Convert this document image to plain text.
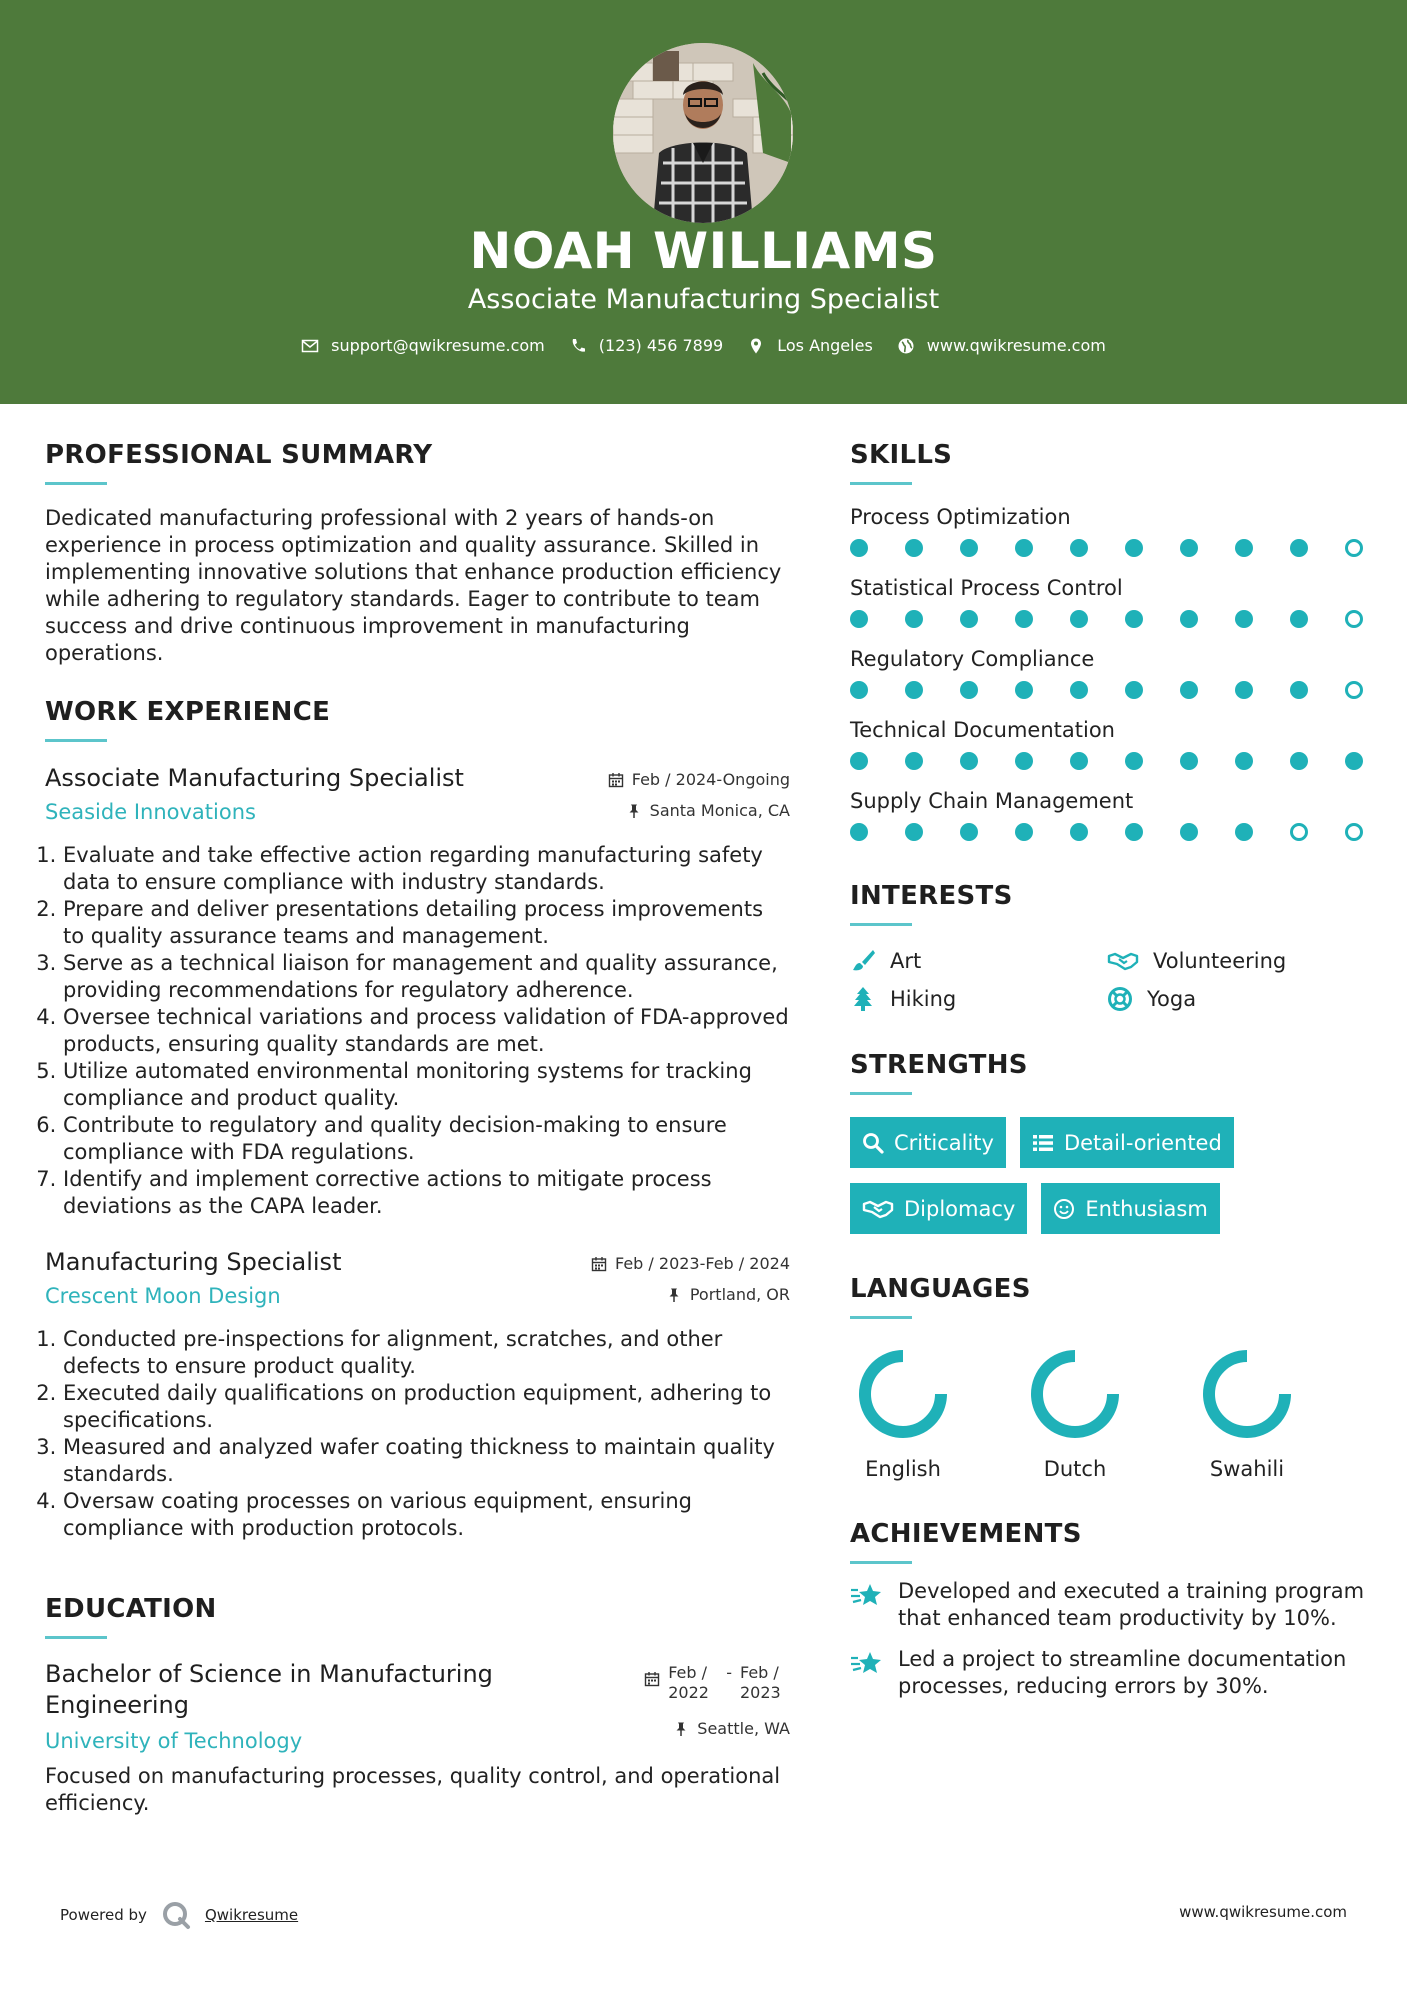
NOAH WILLIAMS
Associate Manufacturing Specialist
support@qwikresume.com	(123) 456 7899	Los Angeles	www.qwikresume.com
PROFESSIONAL SUMMARY

Dedicated manufacturing professional with 2 years of hands-on experience in process optimization and quality assurance. Skilled in implementing innovative solutions that enhance production efficiency while adhering to regulatory standards. Eager to contribute to team success and drive continuous improvement in manufacturing operations.

WORK EXPERIENCE
Associate Manufacturing Specialist
Seaside Innovations
Feb / 2024-Ongoing
Santa Monica, CA
1. Evaluate and take effective action regarding manufacturing safety data to ensure compliance with industry standards.
2. Prepare and deliver presentations detailing process improvements to quality assurance teams and management.
3. Serve as a technical liaison for management and quality assurance, providing recommendations for regulatory adherence.
4. Oversee technical variations and process validation of FDA-approved products, ensuring quality standards are met.
5. Utilize automated environmental monitoring systems for tracking compliance and product quality.
6. Contribute to regulatory and quality decision-making to ensure compliance with FDA regulations.
7. Identify and implement corrective actions to mitigate process deviations as the CAPA leader.
Manufacturing Specialist
Crescent Moon Design
Feb / 2023-Feb / 2024
Portland, OR
1. Conducted pre-inspections for alignment, scratches, and other defects to ensure product quality.
2. Executed daily qualifications on production equipment, adhering to specifications.
3. Measured and analyzed wafer coating thickness to maintain quality standards.
4. Oversaw coating processes on various equipment, ensuring compliance with production protocols.
EDUCATION
Bachelor of Science in Manufacturing Engineering
University of Technology
Feb / 2022
- Feb / 2023
Seattle, WA

Focused on manufacturing processes, quality control, and operational efficiency.

SKILLS
Process Optimization
Statistical Process Control
Regulatory Compliance
Technical Documentation
Supply Chain Management
INTERESTS
Art	Volunteering
Hiking	Yoga
STRENGTHS
Criticality	Detail-oriented
Diplomacy	Enthusiasm
LANGUAGES
English	Dutch	Swahili
ACHIEVEMENTS
Developed and executed a training program that enhanced team productivity by 10%.
Led a project to streamline documentation processes, reducing errors by 30%.
Powered by	Qwikresume	www.qwikresume.com
